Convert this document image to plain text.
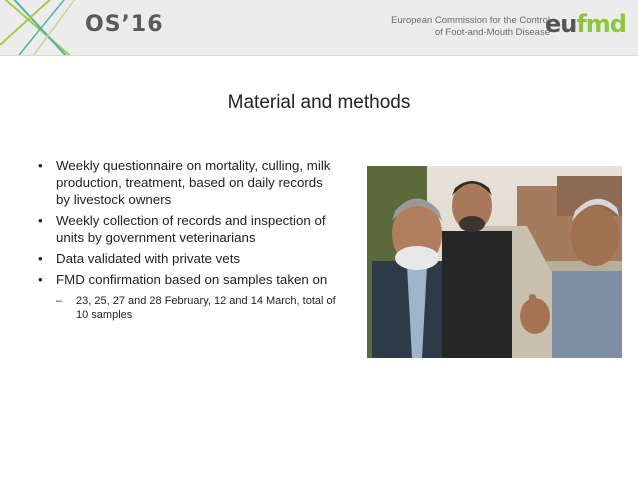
OS’16	European Commission for the Control
of Foot-and-Mouth Disease
eufmd
Material and methods
• Weekly questionnaire on mortality, culling, milk production, treatment, based on daily records by livestock owners
• Weekly collection of records and inspection of units by government veterinarians
• Data validated with private vets
• FMD confirmation based on samples taken on
– 23, 25, 27 and 28 February, 12 and 14 March, total of 10 samples
